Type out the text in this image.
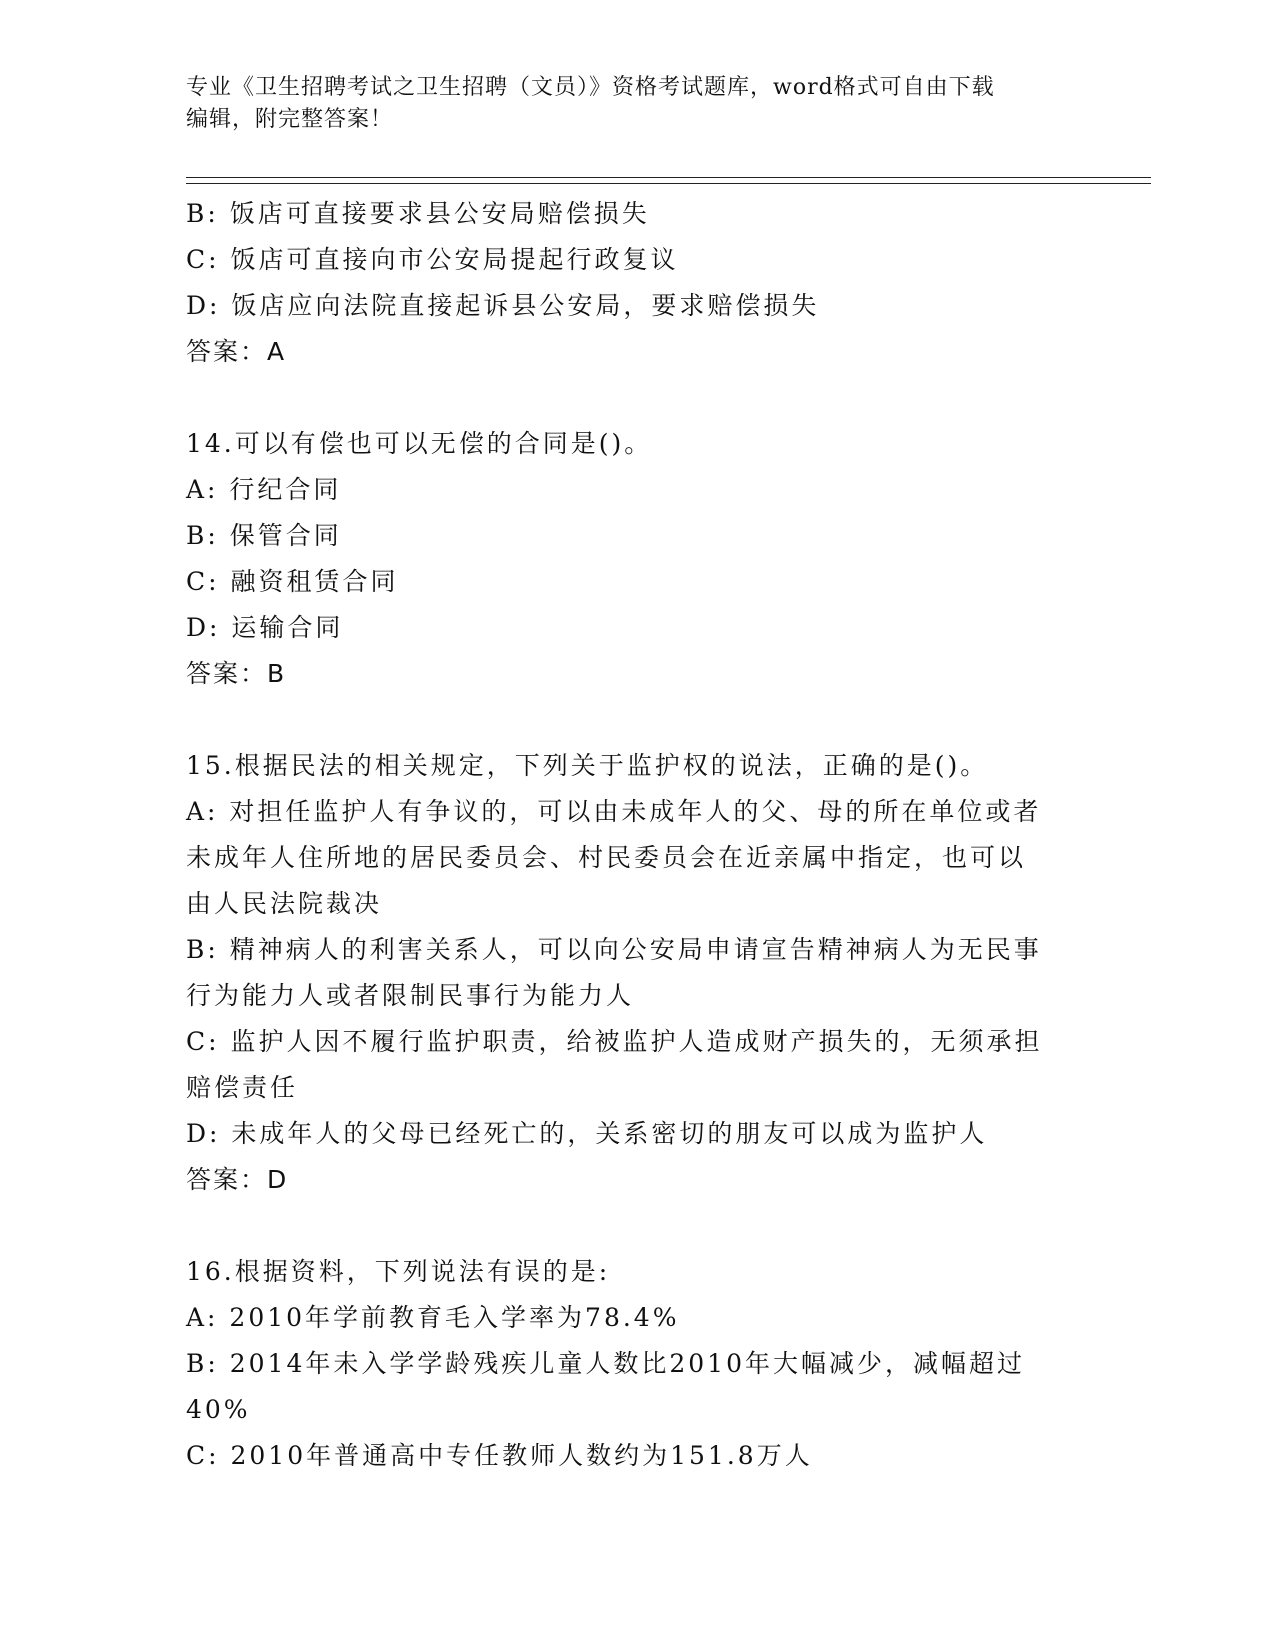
专业《卫生招聘考试之卫生招聘（文员）》资格考试题库，word格式可自由下载
编辑，附完整答案！
B: 饭店可直接要求县公安局赔偿损失
C: 饭店可直接向市公安局提起行政复议
D: 饭店应向法院直接起诉县公安局，要求赔偿损失
答案：A
14.可以有偿也可以无偿的合同是()。
A: 行纪合同
B: 保管合同
C: 融资租赁合同
D: 运输合同
答案：B
15.根据民法的相关规定，下列关于监护权的说法，正确的是()。
A: 对担任监护人有争议的，可以由未成年人的父、母的所在单位或者
未成年人住所地的居民委员会、村民委员会在近亲属中指定，也可以
由人民法院裁决
B: 精神病人的利害关系人，可以向公安局申请宣告精神病人为无民事
行为能力人或者限制民事行为能力人
C: 监护人因不履行监护职责，给被监护人造成财产损失的，无须承担
赔偿责任
D: 未成年人的父母已经死亡的，关系密切的朋友可以成为监护人
答案：D
16.根据资料，下列说法有误的是:
A: 2010年学前教育毛入学率为78.4%
B: 2014年未入学学龄残疾儿童人数比2010年大幅减少，减幅超过
40%
C: 2010年普通高中专任教师人数约为151.8万人
